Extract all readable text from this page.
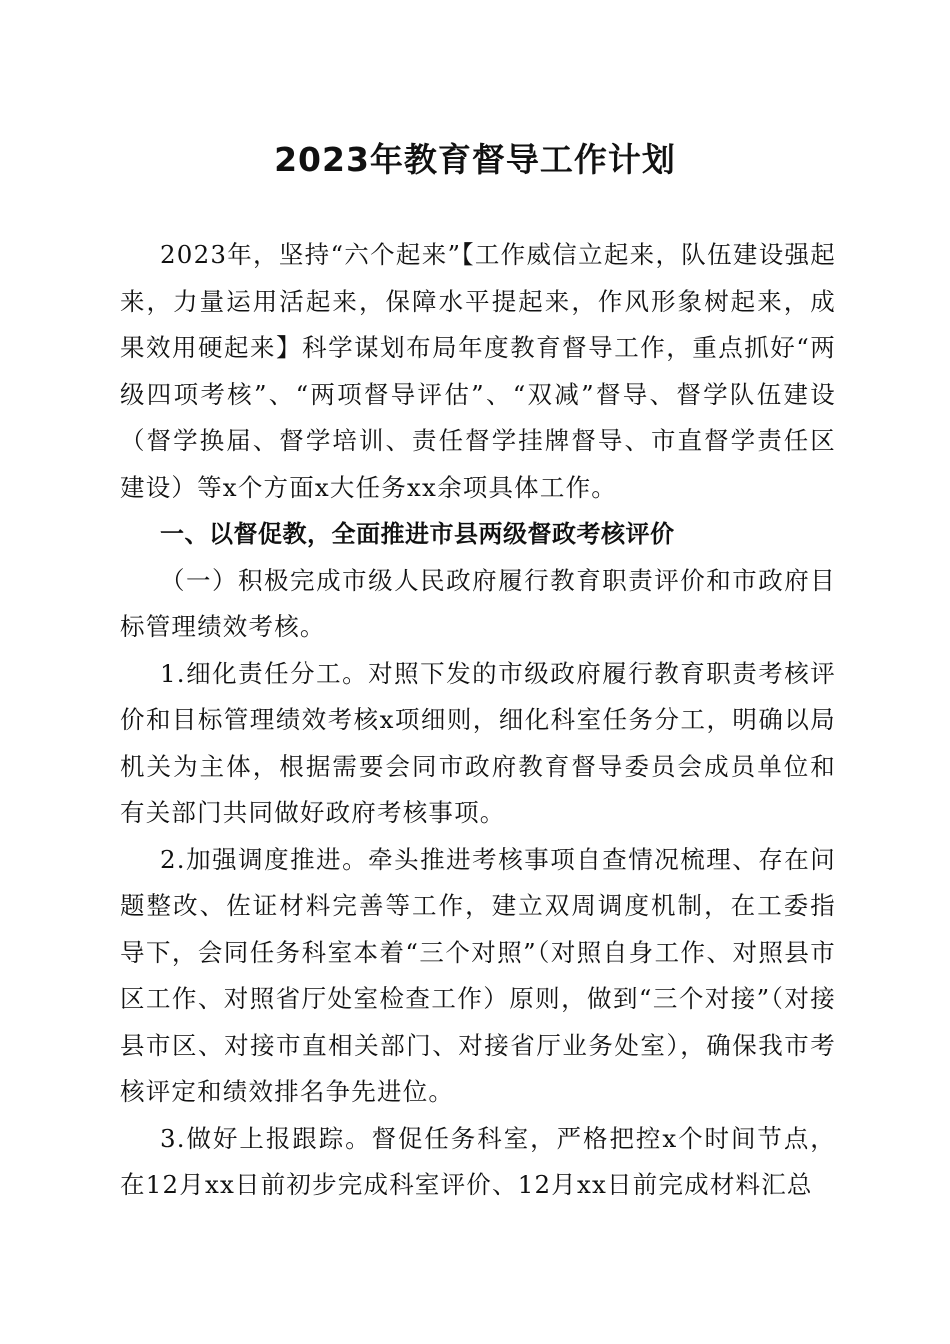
2023年教育督导工作计划

2023年，坚持“六个起来”【工作威信立起来，队伍建设强起来，力量运用活起来，保障水平提起来，作风形象树起来，成果效用硬起来】科学谋划布局年度教育督导工作，重点抓好“两级四项考核”、“两项督导评估”、“双减”督导、督学队伍建设（督学换届、督学培训、责任督学挂牌督导、市直督学责任区建设）等x个方面x大任务xx余项具体工作。

一、以督促教，全面推进市县两级督政考核评价

（一）积极完成市级人民政府履行教育职责评价和市政府目标管理绩效考核。

1.细化责任分工。对照下发的市级政府履行教育职责考核评价和目标管理绩效考核x项细则，细化科室任务分工，明确以局机关为主体，根据需要会同市政府教育督导委员会成员单位和有关部门共同做好政府考核事项。

2.加强调度推进。牵头推进考核事项自查情况梳理、存在问题整改、佐证材料完善等工作，建立双周调度机制，在工委指导下，会同任务科室本着“三个对照”（对照自身工作、对照县市区工作、对照省厅处室检查工作）原则，做到“三个对接”（对接县市区、对接市直相关部门、对接省厅业务处室），确保我市考核评定和绩效排名争先进位。

3.做好上报跟踪。督促任务科室，严格把控x个时间节点，在12月xx日前初步完成科室评价、12月xx日前完成材料汇总
